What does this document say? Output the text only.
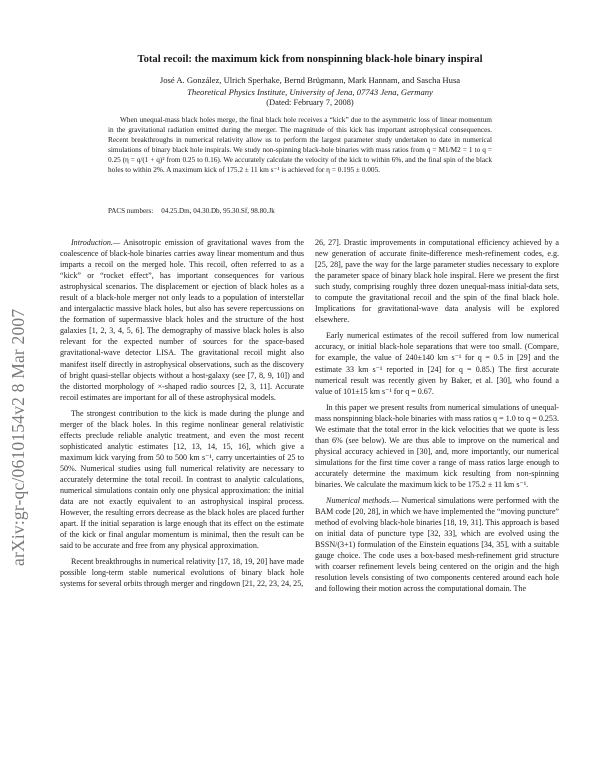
arXiv:gr-qc/0610154v2 8 Mar 2007
Total recoil: the maximum kick from nonspinning black-hole binary inspiral
José A. González, Ulrich Sperhake, Bernd Brügmann, Mark Hannam, and Sascha Husa
Theoretical Physics Institute, University of Jena, 07743 Jena, Germany
(Dated: February 7, 2008)

When unequal-mass black holes merge, the final black hole receives a “kick” due to the asymmetric loss of linear momentum in the gravitational radiation emitted during the merger. The magnitude of this kick has important astrophysical consequences. Recent breakthroughs in numerical relativity allow us to perform the largest parameter study undertaken to date in numerical simulations of binary black hole inspirals. We study non-spinning black-hole binaries with mass ratios from q = M1/M2 = 1 to q = 0.25 (η = q/(1 + q)² from 0.25 to 0.16). We accurately calculate the velocity of the kick to within 6%, and the final spin of the black holes to within 2%. A maximum kick of 175.2 ± 11 km s⁻¹ is achieved for η = 0.195 ± 0.005.

PACS numbers: 04.25.Dm, 04.30.Db, 95.30.Sf, 98.80.Jk

Introduction.— Anisotropic emission of gravitational waves from the coalescence of black-hole binaries carries away linear momentum and thus imparts a recoil on the merged hole. This recoil, often referred to as a “kick” or “rocket effect”, has important consequences for various astrophysical scenarios. The displacement or ejection of black holes as a result of a black-hole merger not only leads to a population of interstellar and intergalactic massive black holes, but also has severe repercussions on the formation of supermassive black holes and the structure of the host galaxies [1, 2, 3, 4, 5, 6]. The demography of massive black holes is also relevant for the expected number of sources for the space-based gravitational-wave detector LISA. The gravitational recoil might also manifest itself directly in astrophysical observations, such as the discovery of bright quasi-stellar objects without a host-galaxy (see [7, 8, 9, 10]) and the distorted morphology of ×-shaped radio sources [2, 3, 11]. Accurate recoil estimates are important for all of these astrophysical models.

The strongest contribution to the kick is made during the plunge and merger of the black holes. In this regime nonlinear general relativistic effects preclude reliable analytic treatment, and even the most recent sophisticated analytic estimates [12, 13, 14, 15, 16], which give a maximum kick varying from 50 to 500 km s⁻¹, carry uncertainties of 25 to 50%. Numerical studies using full numerical relativity are necessary to accurately determine the total recoil. In contrast to analytic calculations, numerical simulations contain only one physical approximation: the initial data are not exactly equivalent to an astrophysical inspiral process. However, the resulting errors decrease as the black holes are placed further apart. If the initial separation is large enough that its effect on the estimate of the kick or final angular momentum is minimal, then the result can be said to be accurate and free from any physical approximation.

Recent breakthroughs in numerical relativity [17, 18, 19, 20] have made possible long-term stable numerical evolutions of binary black hole systems for several orbits through merger and ringdown [21, 22, 23, 24, 25,

26, 27]. Drastic improvements in computational efficiency achieved by a new generation of accurate finite-difference mesh-refinement codes, e.g. [25, 28], pave the way for the large parameter studies necessary to explore the parameter space of binary black hole inspiral. Here we present the first such study, comprising roughly three dozen unequal-mass initial-data sets, to compute the gravitational recoil and the spin of the final black hole. Implications for gravitational-wave data analysis will be explored elsewhere.

Early numerical estimates of the recoil suffered from low numerical accuracy, or initial black-hole separations that were too small. (Compare, for example, the value of 240±140 km s⁻¹ for q = 0.5 in [29] and the estimate 33 km s⁻¹ reported in [24] for q = 0.85.) The first accurate numerical result was recently given by Baker, et al. [30], who found a value of 101±15 km s⁻¹ for q = 0.67.

In this paper we present results from numerical simulations of unequal-mass nonspinning black-hole binaries with mass ratios q = 1.0 to q = 0.253. We estimate that the total error in the kick velocities that we quote is less than 6% (see below). We are thus able to improve on the numerical and physical accuracy achieved in [30], and, more importantly, our numerical simulations for the first time cover a range of mass ratios large enough to accurately determine the maximum kick resulting from non-spinning binaries. We calculate the maximum kick to be 175.2 ± 11 km s⁻¹.

Numerical methods.— Numerical simulations were performed with the BAM code [20, 28], in which we have implemented the “moving puncture” method of evolving black-hole binaries [18, 19, 31]. This approach is based on initial data of puncture type [32, 33], which are evolved using the BSSN/(3+1) formulation of the Einstein equations [34, 35], with a suitable gauge choice. The code uses a box-based mesh-refinement grid structure with coarser refinement levels being centered on the origin and the high resolution levels consisting of two components centered around each hole and following their motion across the computational domain. The
